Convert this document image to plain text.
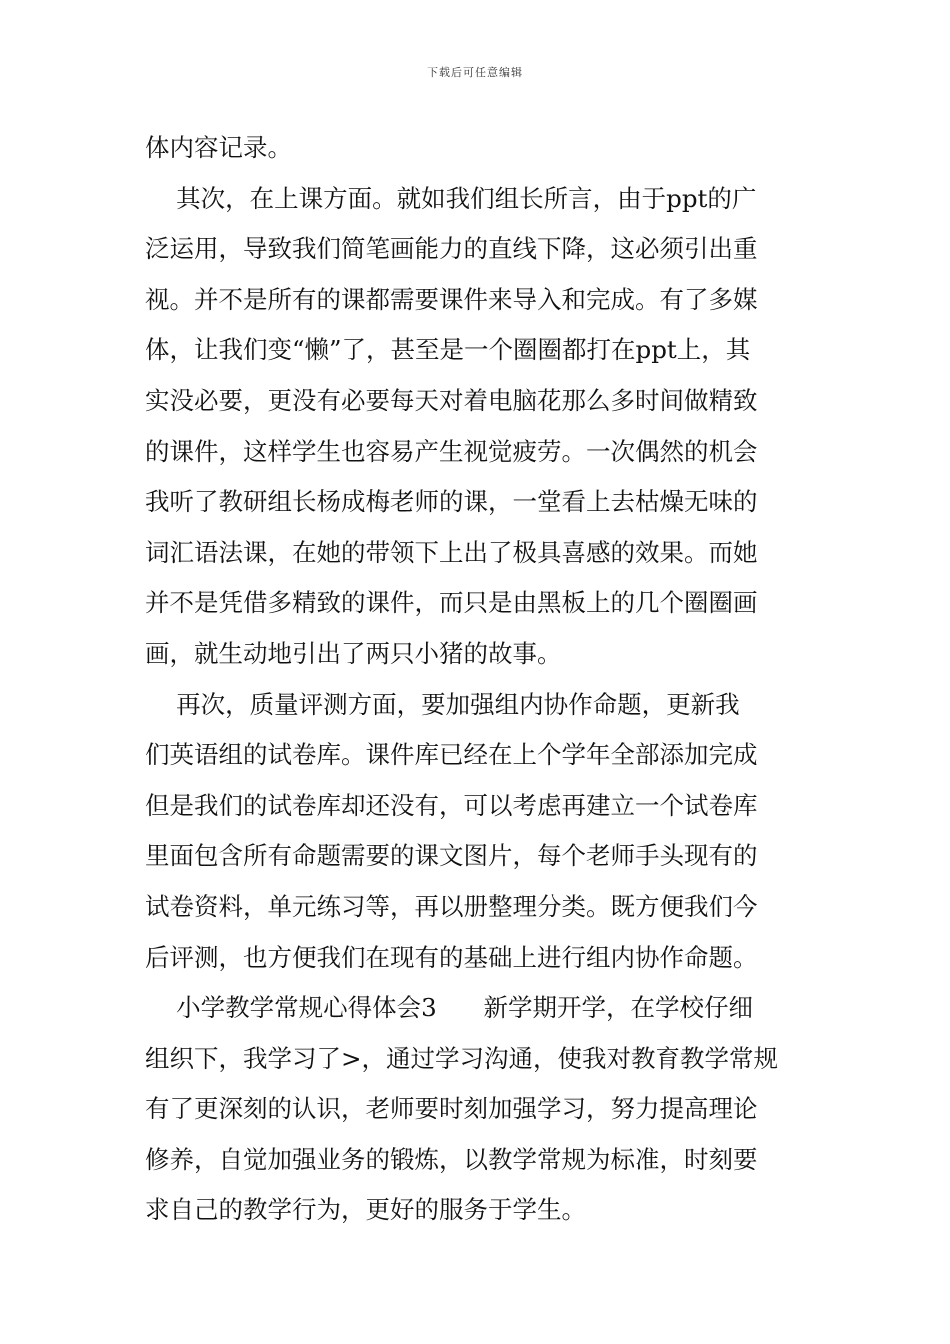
下载后可任意编辑
体内容记录。
其次，在上课方面。就如我们组长所言，由于ppt的广
泛运用，导致我们简笔画能力的直线下降，这必须引出重
视。并不是所有的课都需要课件来导入和完成。有了多媒
体，让我们变“懒”了，甚至是一个圈圈都打在ppt上，其
实没必要，更没有必要每天对着电脑花那么多时间做精致
的课件，这样学生也容易产生视觉疲劳。一次偶然的机会
我听了教研组长杨成梅老师的课，一堂看上去枯燥无味的
词汇语法课，在她的带领下上出了极具喜感的效果。而她
并不是凭借多精致的课件，而只是由黑板上的几个圈圈画
画，就生动地引出了两只小猪的故事。
再次，质量评测方面，要加强组内协作命题，更新我
们英语组的试卷库。课件库已经在上个学年全部添加完成
但是我们的试卷库却还没有，可以考虑再建立一个试卷库
里面包含所有命题需要的课文图片，每个老师手头现有的
试卷资料，单元练习等，再以册整理分类。既方便我们今
后评测，也方便我们在现有的基础上进行组内协作命题。
小学教学常规心得体会3      新学期开学，在学校仔细
组织下，我学习了>，通过学习沟通，使我对教育教学常规
有了更深刻的认识，老师要时刻加强学习，努力提高理论
修养，自觉加强业务的锻炼，以教学常规为标准，时刻要
求自己的教学行为，更好的服务于学生。
